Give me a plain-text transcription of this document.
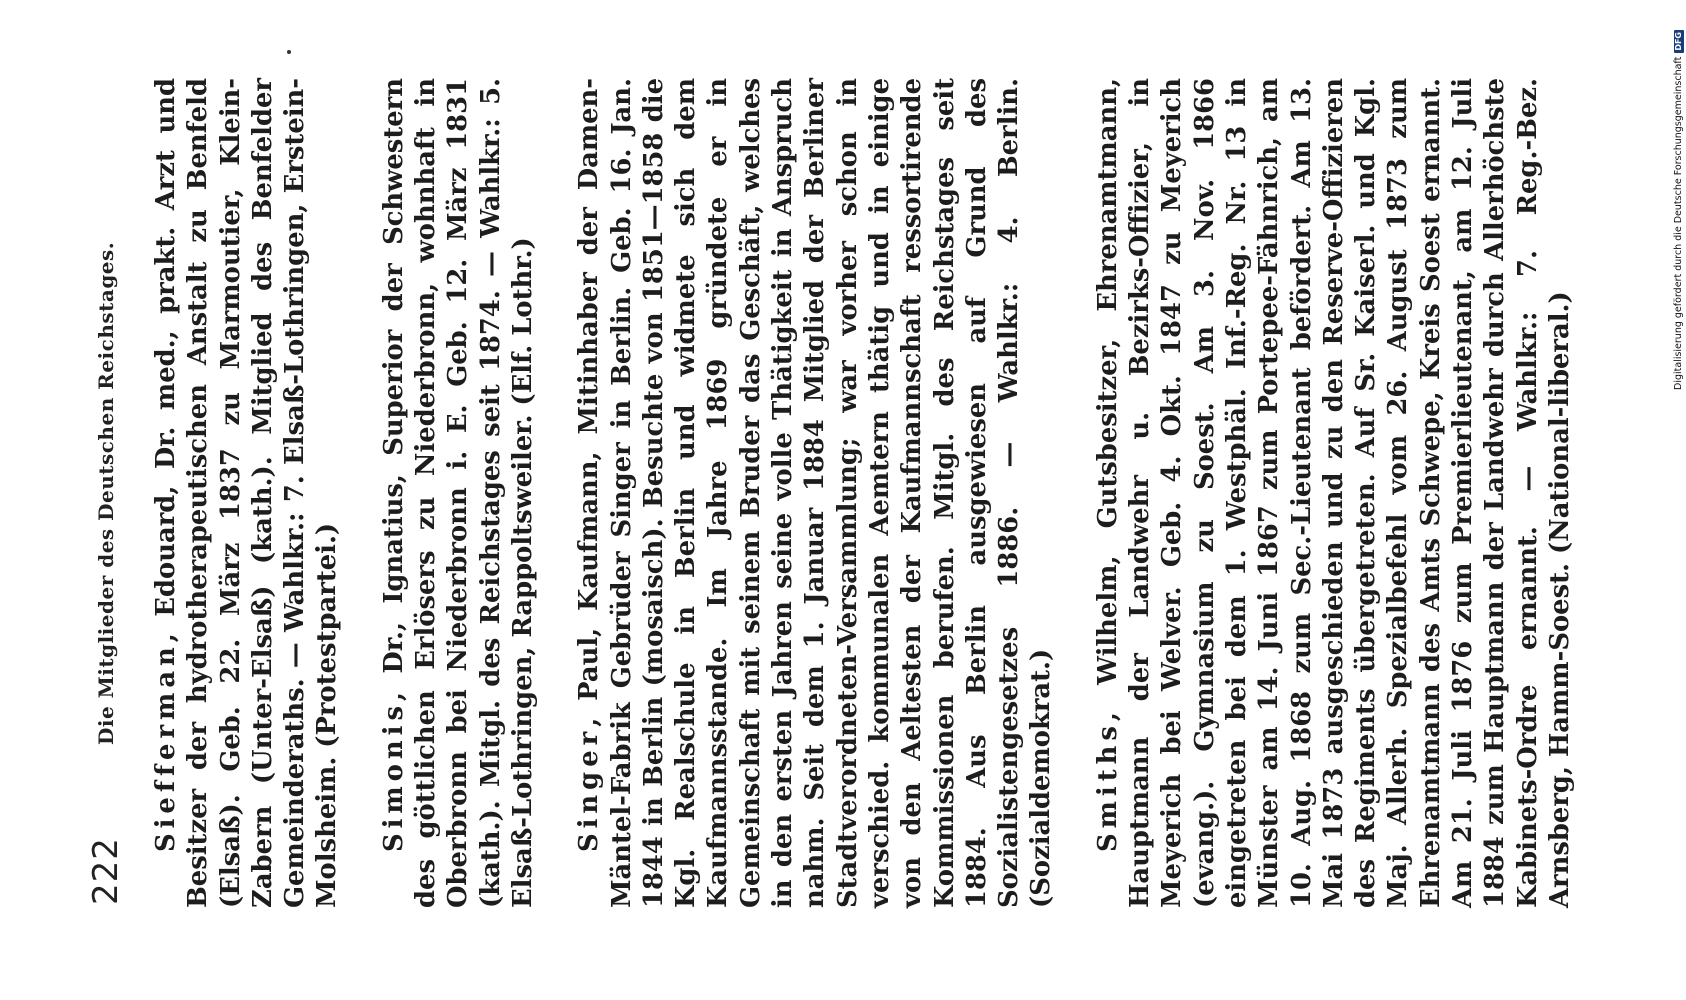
222
Die Mitglieder des Deutschen Reichstages.

Siefferman, Edouard, Dr. med., prakt. Arzt und Besitzer der hydrotherapeutischen Anstalt zu Benfeld (Elsaß). Geb. 22. März 1837 zu Marmoutier, Klein-Zabern (Unter-Elsaß) (kath.). Mitglied des Benfelder Gemeinderaths. — Wahlkr.: 7. Elsaß-Lothringen, Erstein-Molsheim. (Protestpartei.) Simonis, Dr., Ignatius, Superior der Schwestern des göttlichen Erlösers zu Niederbronn, wohnhaft in Oberbronn bei Niederbronn i. E. Geb. 12. März 1831 (kath.). Mitgl. des Reichstages seit 1874. — Wahlkr.: 5. Elsaß-Lothringen, Rappoltsweiler. (Elf. Lothr.) Singer, Paul, Kaufmann, Mitinhaber der Damen-Mäntel-Fabrik Gebrüder Singer in Berlin. Geb. 16. Jan. 1844 in Berlin (mosaisch). Besuchte von 1851—1858 die Kgl. Realschule in Berlin und widmete sich dem Kaufmannsstande. Im Jahre 1869 gründete er in Gemeinschaft mit seinem Bruder das Geschäft, welches in den ersten Jahren seine volle Thätigkeit in Anspruch nahm. Seit dem 1. Januar 1884 Mitglied der Berliner Stadtverordneten-Versammlung; war vorher schon in verschied. kommunalen Aemtern thätig und in einige von den Aeltesten der Kaufmannschaft ressortirende Kommissionen berufen. Mitgl. des Reichstages seit 1884. Aus Berlin ausgewiesen auf Grund des Sozialistengesetzes 1886. — Wahlkr.: 4. Berlin. (Sozialdemokrat.) Smiths, Wilhelm, Gutsbesitzer, Ehrenamtmann, Hauptmann der Landwehr u. Bezirks-Offizier, in Meyerich bei Welver. Geb. 4. Okt. 1847 zu Meyerich (evang.). Gymnasium zu Soest. Am 3. Nov. 1866 eingetreten bei dem 1. Westphäl. Inf.-Reg. Nr. 13 in Münster am 14. Juni 1867 zum Portepee-Fähnrich, am 10. Aug. 1868 zum Sec.-Lieutenant befördert. Am 13. Mai 1873 ausgeschieden und zu den Reserve-Offizieren des Regiments übergetreten. Auf Sr. Kaiserl. und Kgl. Maj. Allerh. Spezialbefehl vom 26. August 1873 zum Ehrenamtmann des Amts Schwepe, Kreis Soest ernannt. Am 21. Juli 1876 zum Premierlieutenant, am 12. Juli 1884 zum Hauptmann der Landwehr durch Allerhöchste Kabinets-Ordre ernannt. — Wahlkr.: 7. Reg.-Bez. Arnsberg, Hamm-Soest. (National-liberal.)

Digitalisierung gefördert durch die Deutsche ForschungsgemeinschaftDFG
